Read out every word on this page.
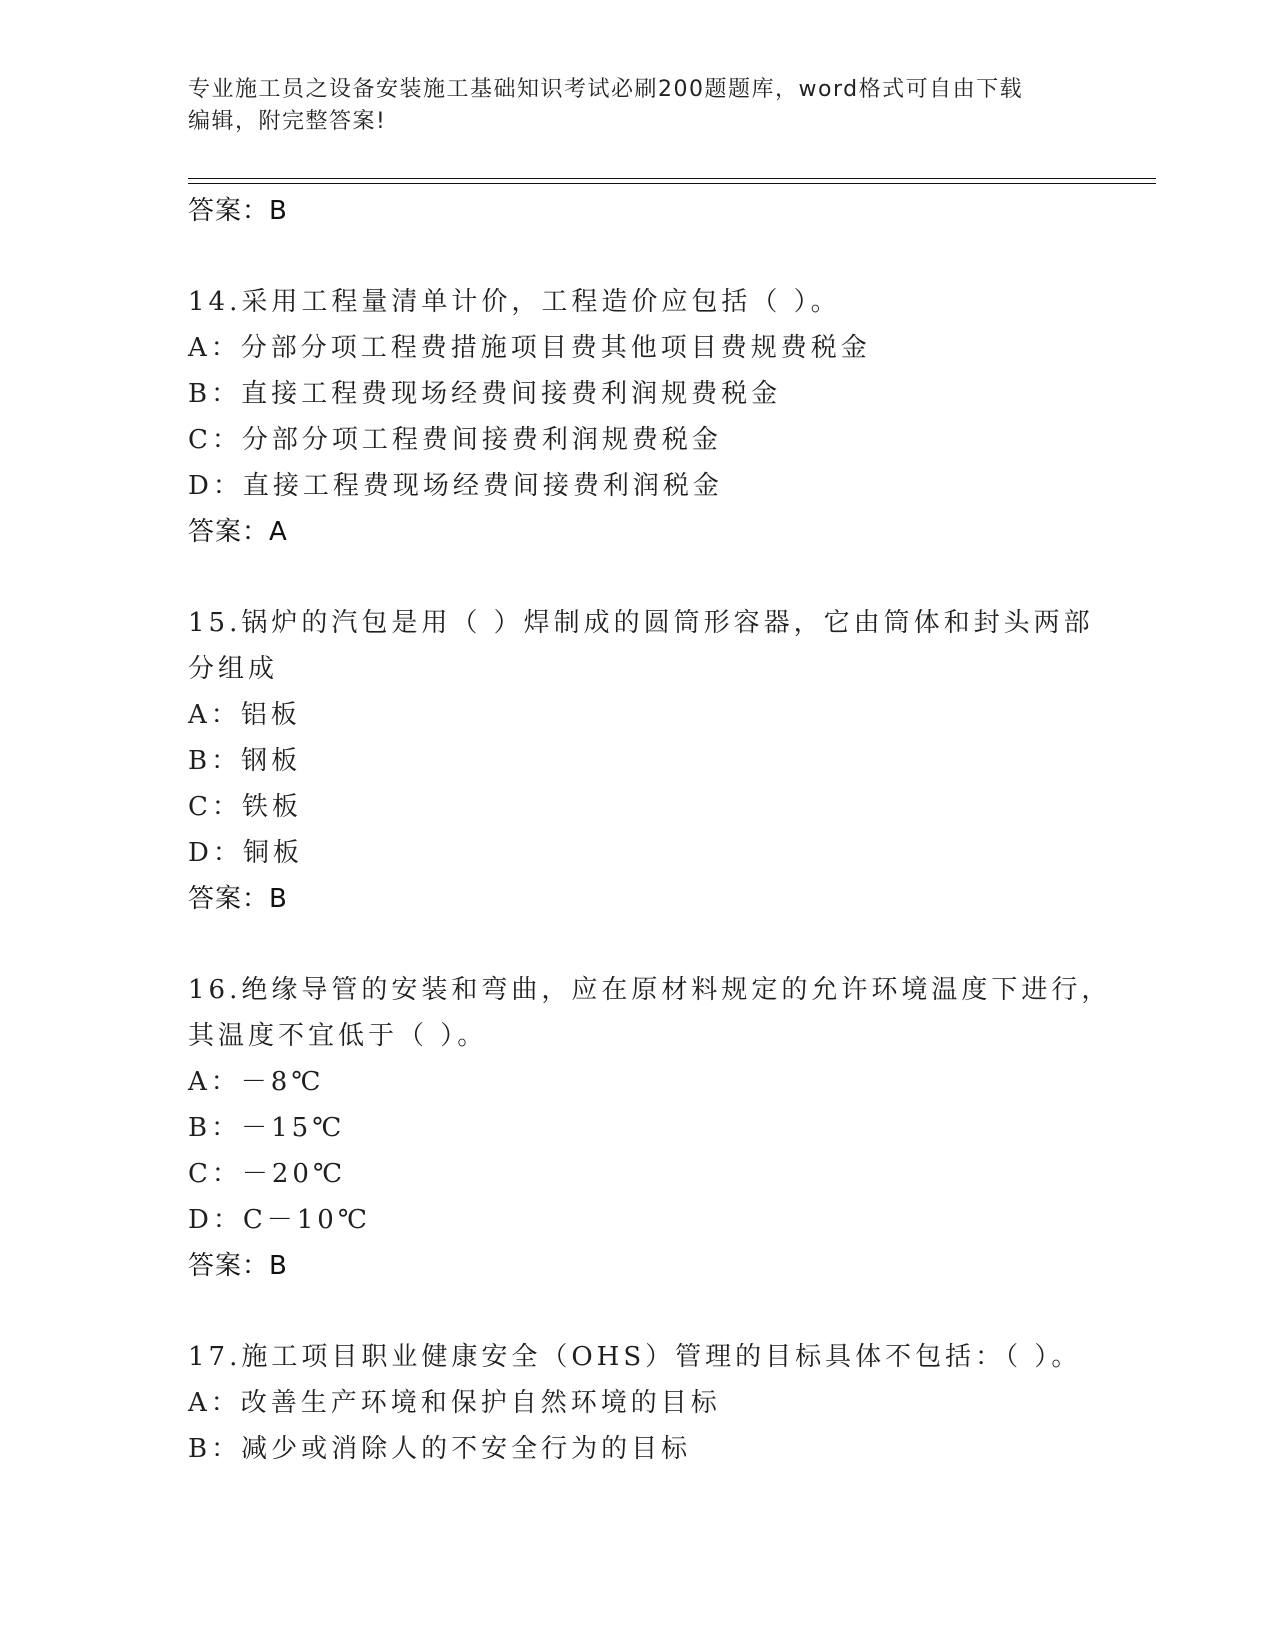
专业施工员之设备安装施工基础知识考试必刷200题题库，word格式可自由下载
编辑，附完整答案!
答案：B
14.采用工程量清单计价，工程造价应包括（ ）。
A：分部分项工程费措施项目费其他项目费规费税金
B：直接工程费现场经费间接费利润规费税金
C：分部分项工程费间接费利润规费税金
D：直接工程费现场经费间接费利润税金
答案：A
15.锅炉的汽包是用（ ）焊制成的圆筒形容器，它由筒体和封头两部
分组成
A：铝板
B：钢板
C：铁板
D：铜板
答案：B
16.绝缘导管的安装和弯曲，应在原材料规定的允许环境温度下进行，
其温度不宜低于（ ）。
A：－8℃
B：－15℃
C：－20℃
D：C－10℃
答案：B
17.施工项目职业健康安全（OHS）管理的目标具体不包括：（ ）。
A：改善生产环境和保护自然环境的目标
B：减少或消除人的不安全行为的目标
